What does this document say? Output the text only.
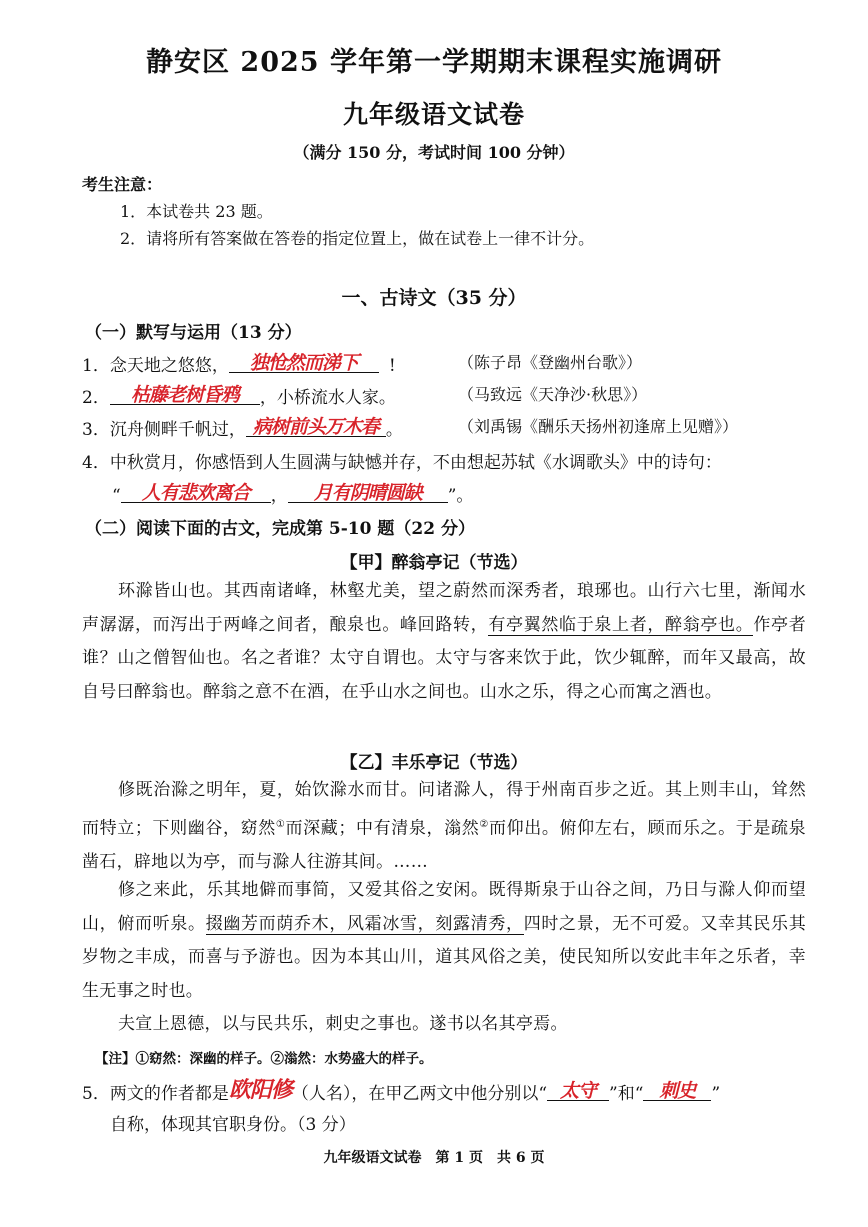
静安区 2025 学年第一学期期末课程实施调研
九年级语文试卷
（满分 150 分，考试时间 100 分钟）
考生注意：
1．本试卷共 23 题。
2．请将所有答案做在答卷的指定位置上，做在试卷上一律不计分。
一、古诗文（35 分）
（一）默写与运用（13 分）
1．念天地之悠悠， 独怆然而涕下 !	（陈子昂《登幽州台歌》）
2． 枯藤老树昏鸦 ，小桥流水人家。	（马致远《天净沙·秋思》）
3．沉舟侧畔千帆过， 病树前头万木春 。	（刘禹锡《酬乐天扬州初逢席上见赠》）
4．中秋赏月，你感悟到人生圆满与缺憾并存，不由想起苏轼《水调歌头》中的诗句：
“ 人有悲欢离合 ， 月有阴晴圆缺 ”。
（二）阅读下面的古文，完成第 5-10 题（22 分）
【甲】醉翁亭记（节选）
环滁皆山也。其西南诸峰，林壑尤美，望之蔚然而深秀者，琅琊也。山行六七里，渐闻水声潺潺，而泻出于两峰之间者，酿泉也。峰回路转，有亭翼然临于泉上者，醉翁亭也。作亭者谁？山之僧智仙也。名之者谁？太守自谓也。太守与客来饮于此，饮少辄醉，而年又最高，故自号曰醉翁也。醉翁之意不在酒，在乎山水之间也。山水之乐，得之心而寓之酒也。
【乙】丰乐亭记（节选）
修既治滁之明年，夏，始饮滁水而甘。问诸滁人，得于州南百步之近。其上则丰山，耸然而特立；下则幽谷，窈然①而深藏；中有清泉，滃然②而仰出。俯仰左右，顾而乐之。于是疏泉凿石，辟地以为亭，而与滁人往游其间。……
修之来此，乐其地僻而事简，又爱其俗之安闲。既得斯泉于山谷之间，乃日与滁人仰而望山，俯而听泉。掇幽芳而荫乔木，风霜冰雪，刻露清秀，四时之景，无不可爱。又幸其民乐其岁物之丰成，而喜与予游也。因为本其山川，道其风俗之美，使民知所以安此丰年之乐者，幸生无事之时也。
夫宣上恩德，以与民共乐，刺史之事也。遂书以名其亭焉。
【注】①窈然：深幽的样子。②滃然：水势盛大的样子。
5．两文的作者都是欧阳修（人名），在甲乙两文中他分别以“ 太守 ”和“ 刺史 ”
自称，体现其官职身份。（3 分）
九年级语文试卷　第 1 页　共 6 页
